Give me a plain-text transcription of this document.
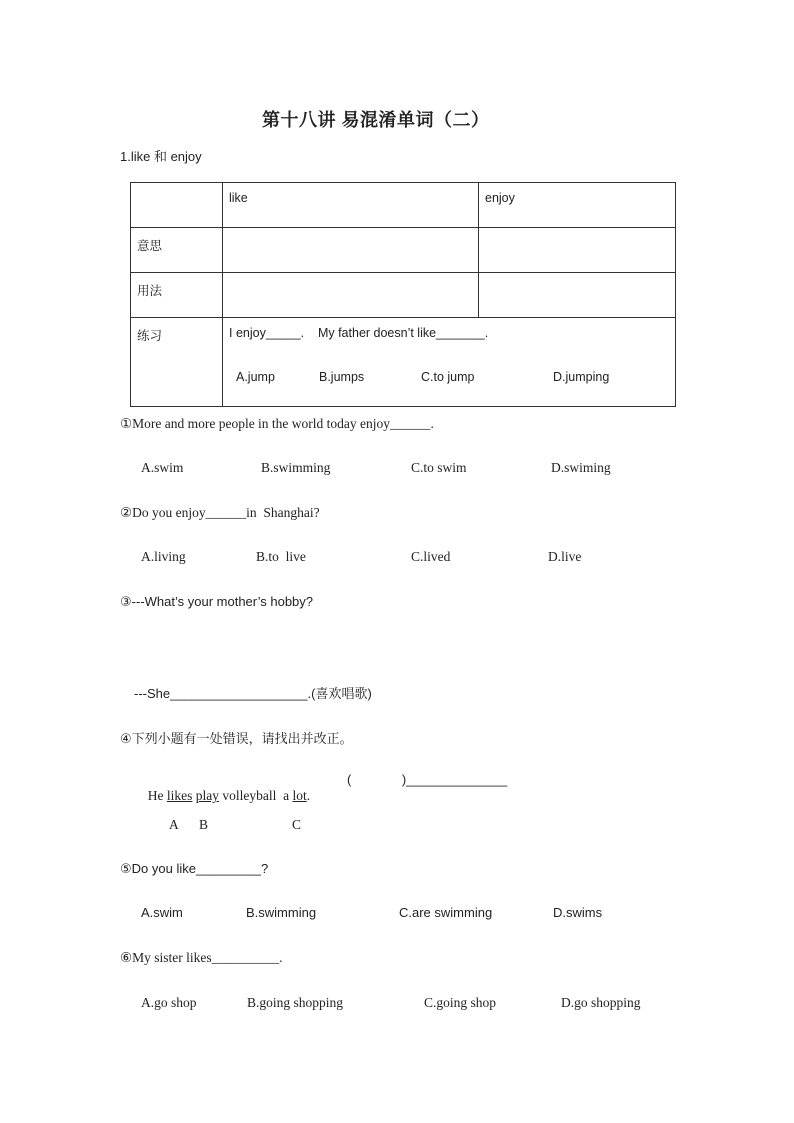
第十八讲 易混淆单词（二）
1.like 和 enjoy
	like	enjoy
意思		
用法		
练习	I enjoy_____.    My father doesn’t like_______.
A.jump B.jumps C.to jump D.jumping	
①More and more people in the world today enjoy______.
A.swim	B.swimming	C.to swim	D.swiming
②Do you enjoy______in  Shanghai?
A.living	B.to  live	C.lived	D.live
③---What’s your mother’s hobby?
---She___________________.(喜欢唱歌)
④下列小题有一处错误，请找出并改正。

He likes play volleyball  a lot.

(              ) ______________
A B	C
⑤Do you like_________?
A.swim	B.swimming	C.are swimming	D.swims
⑥My sister likes__________.
A.go shop	B.going shopping	C.going shop	D.go shopping
